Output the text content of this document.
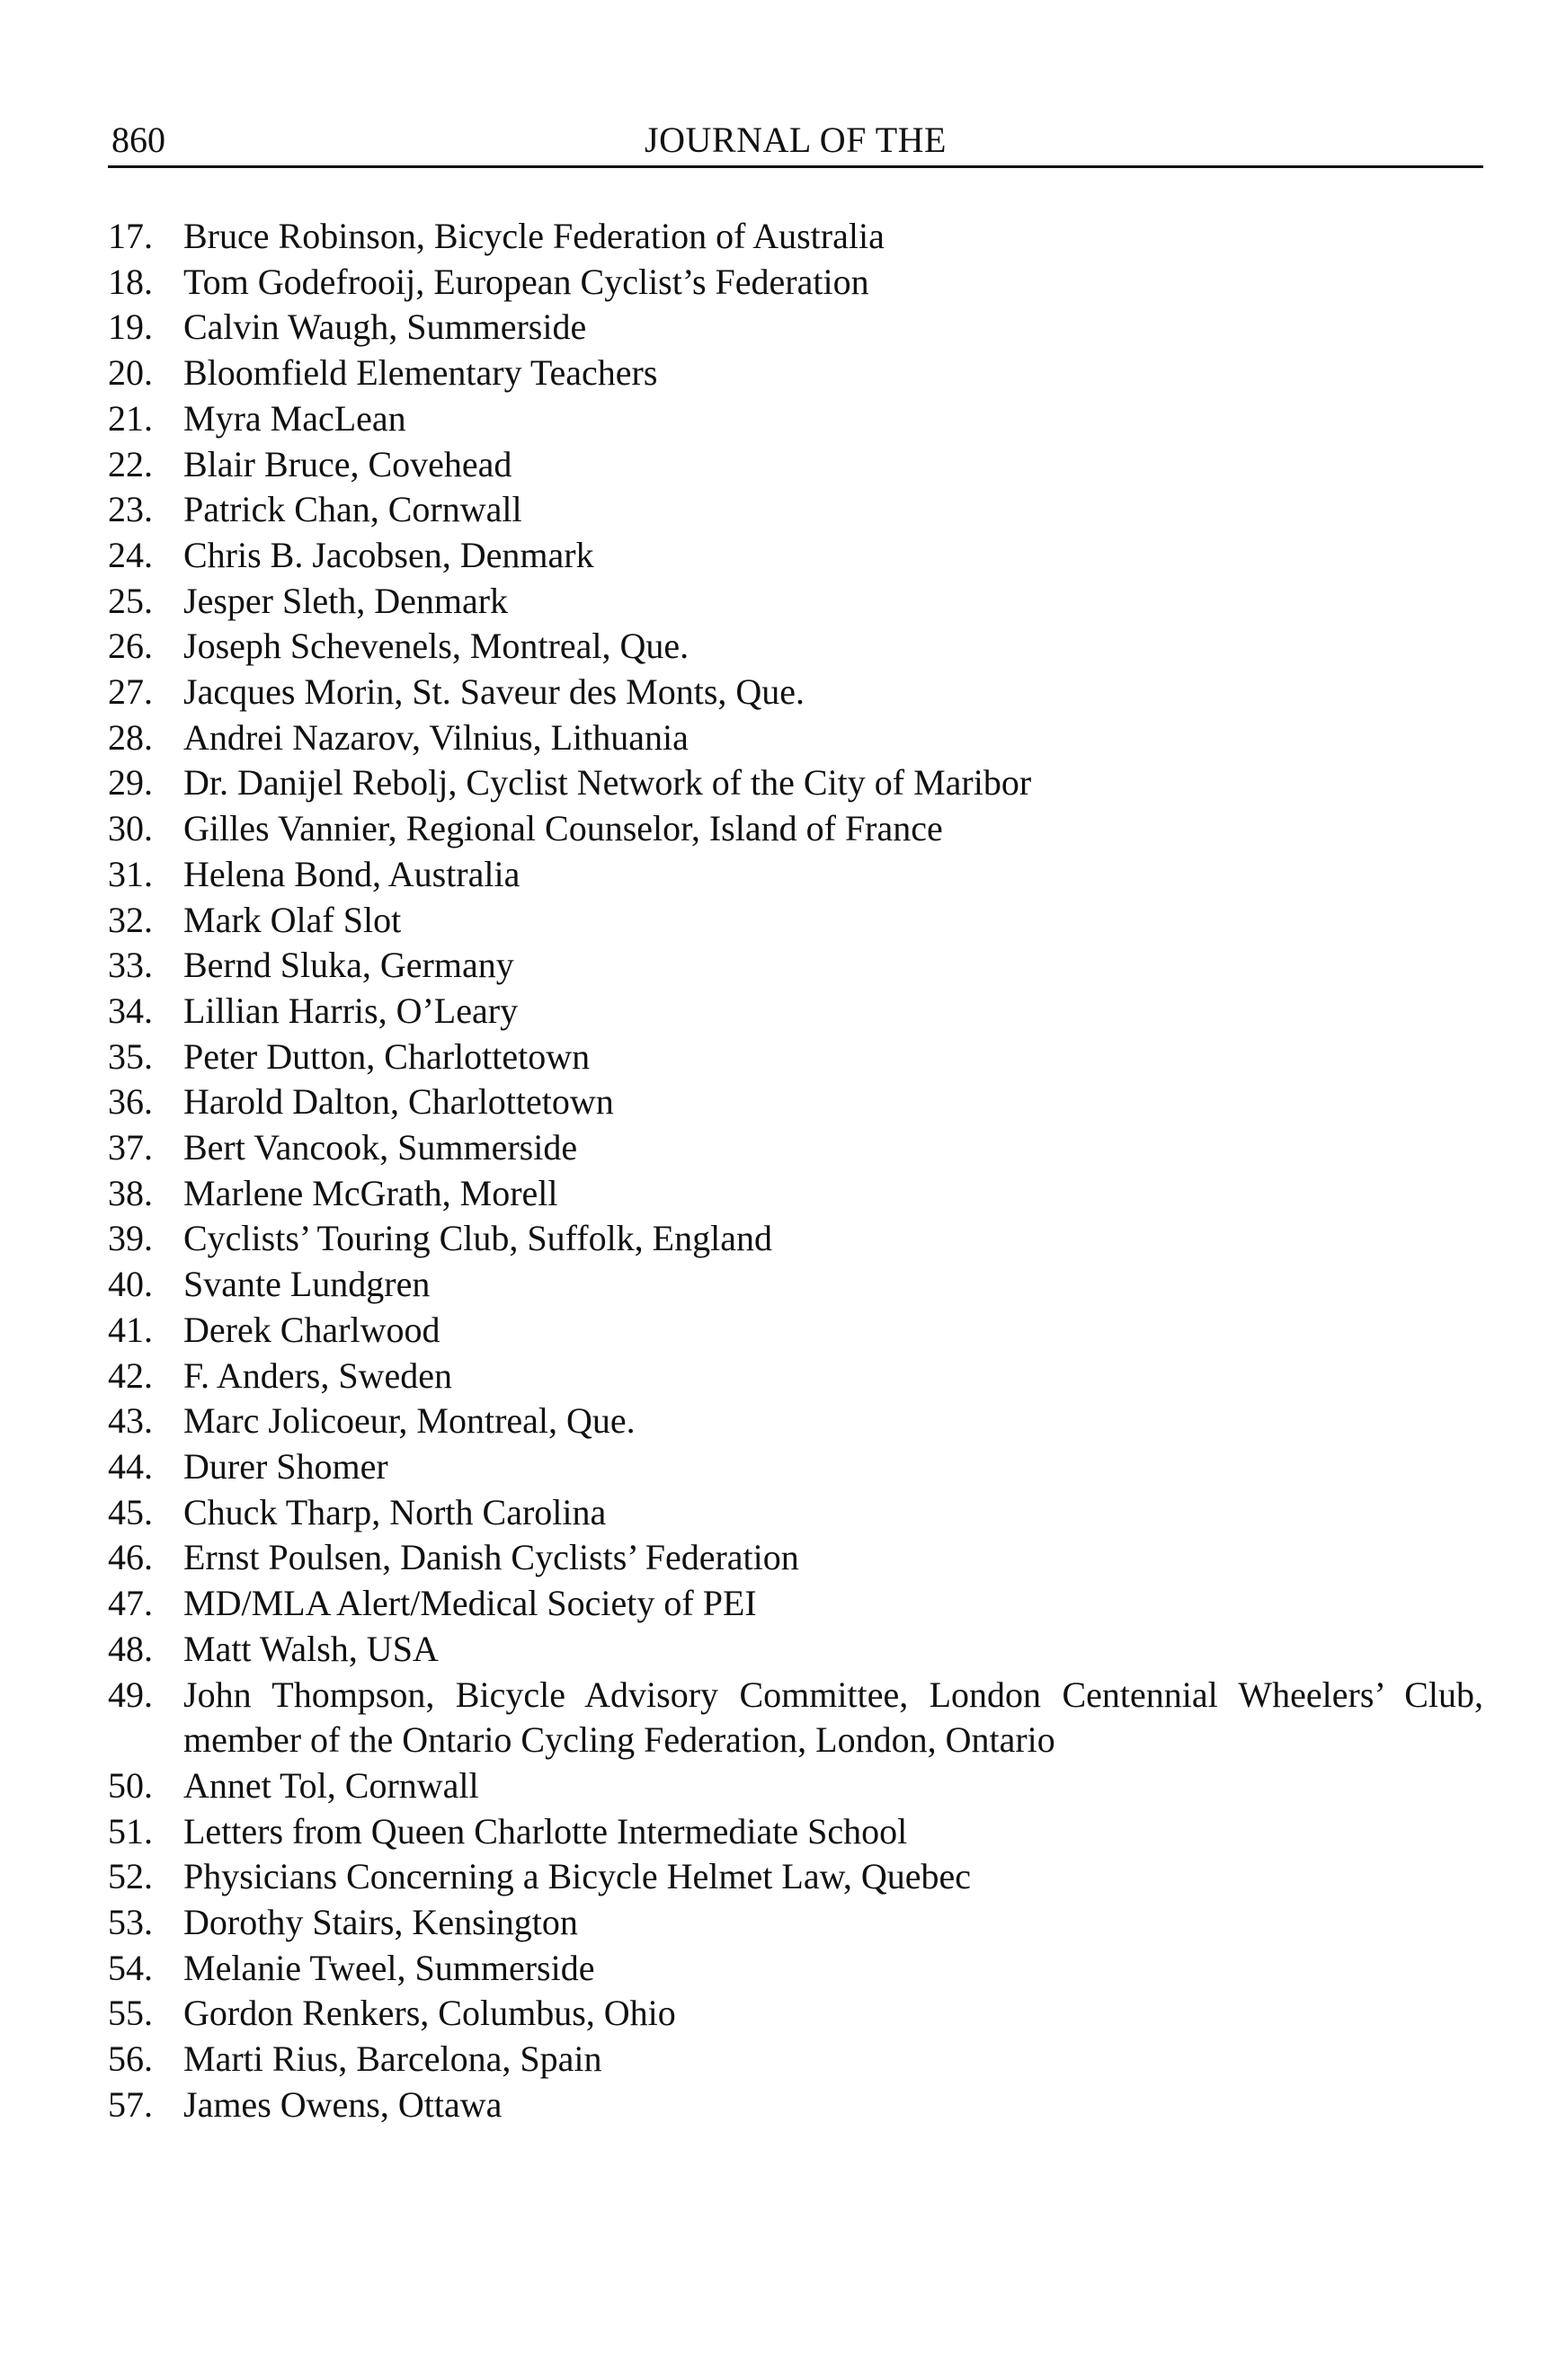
JOURNAL OF THE
860
17. Bruce Robinson, Bicycle Federation of Australia
18. Tom Godefrooij, European Cyclist’s Federation
19. Calvin Waugh, Summerside
20. Bloomfield Elementary Teachers
21. Myra MacLean
22. Blair Bruce, Covehead
23. Patrick Chan, Cornwall
24. Chris B. Jacobsen, Denmark
25. Jesper Sleth, Denmark
26. Joseph Schevenels, Montreal, Que.
27. Jacques Morin, St. Saveur des Monts, Que.
28. Andrei Nazarov, Vilnius, Lithuania
29. Dr. Danijel Rebolj, Cyclist Network of the City of Maribor
30. Gilles Vannier, Regional Counselor, Island of France
31. Helena Bond, Australia
32. Mark Olaf Slot
33. Bernd Sluka, Germany
34. Lillian Harris, O’Leary
35. Peter Dutton, Charlottetown
36. Harold Dalton, Charlottetown
37. Bert Vancook, Summerside
38. Marlene McGrath, Morell
39. Cyclists’ Touring Club, Suffolk, England
40. Svante Lundgren
41. Derek Charlwood
42. F. Anders, Sweden
43. Marc Jolicoeur, Montreal, Que.
44. Durer Shomer
45. Chuck Tharp, North Carolina
46. Ernst Poulsen, Danish Cyclists’ Federation
47. MD/MLA Alert/Medical Society of PEI
48. Matt Walsh, USA
49. John Thompson, Bicycle Advisory Committee, London Centennial Wheelers’ Club, member of the Ontario Cycling Federation, London, Ontario
50. Annet Tol, Cornwall
51. Letters from Queen Charlotte Intermediate School
52. Physicians Concerning a Bicycle Helmet Law, Quebec
53. Dorothy Stairs, Kensington
54. Melanie Tweel, Summerside
55. Gordon Renkers, Columbus, Ohio
56. Marti Rius, Barcelona, Spain
57. James Owens, Ottawa
